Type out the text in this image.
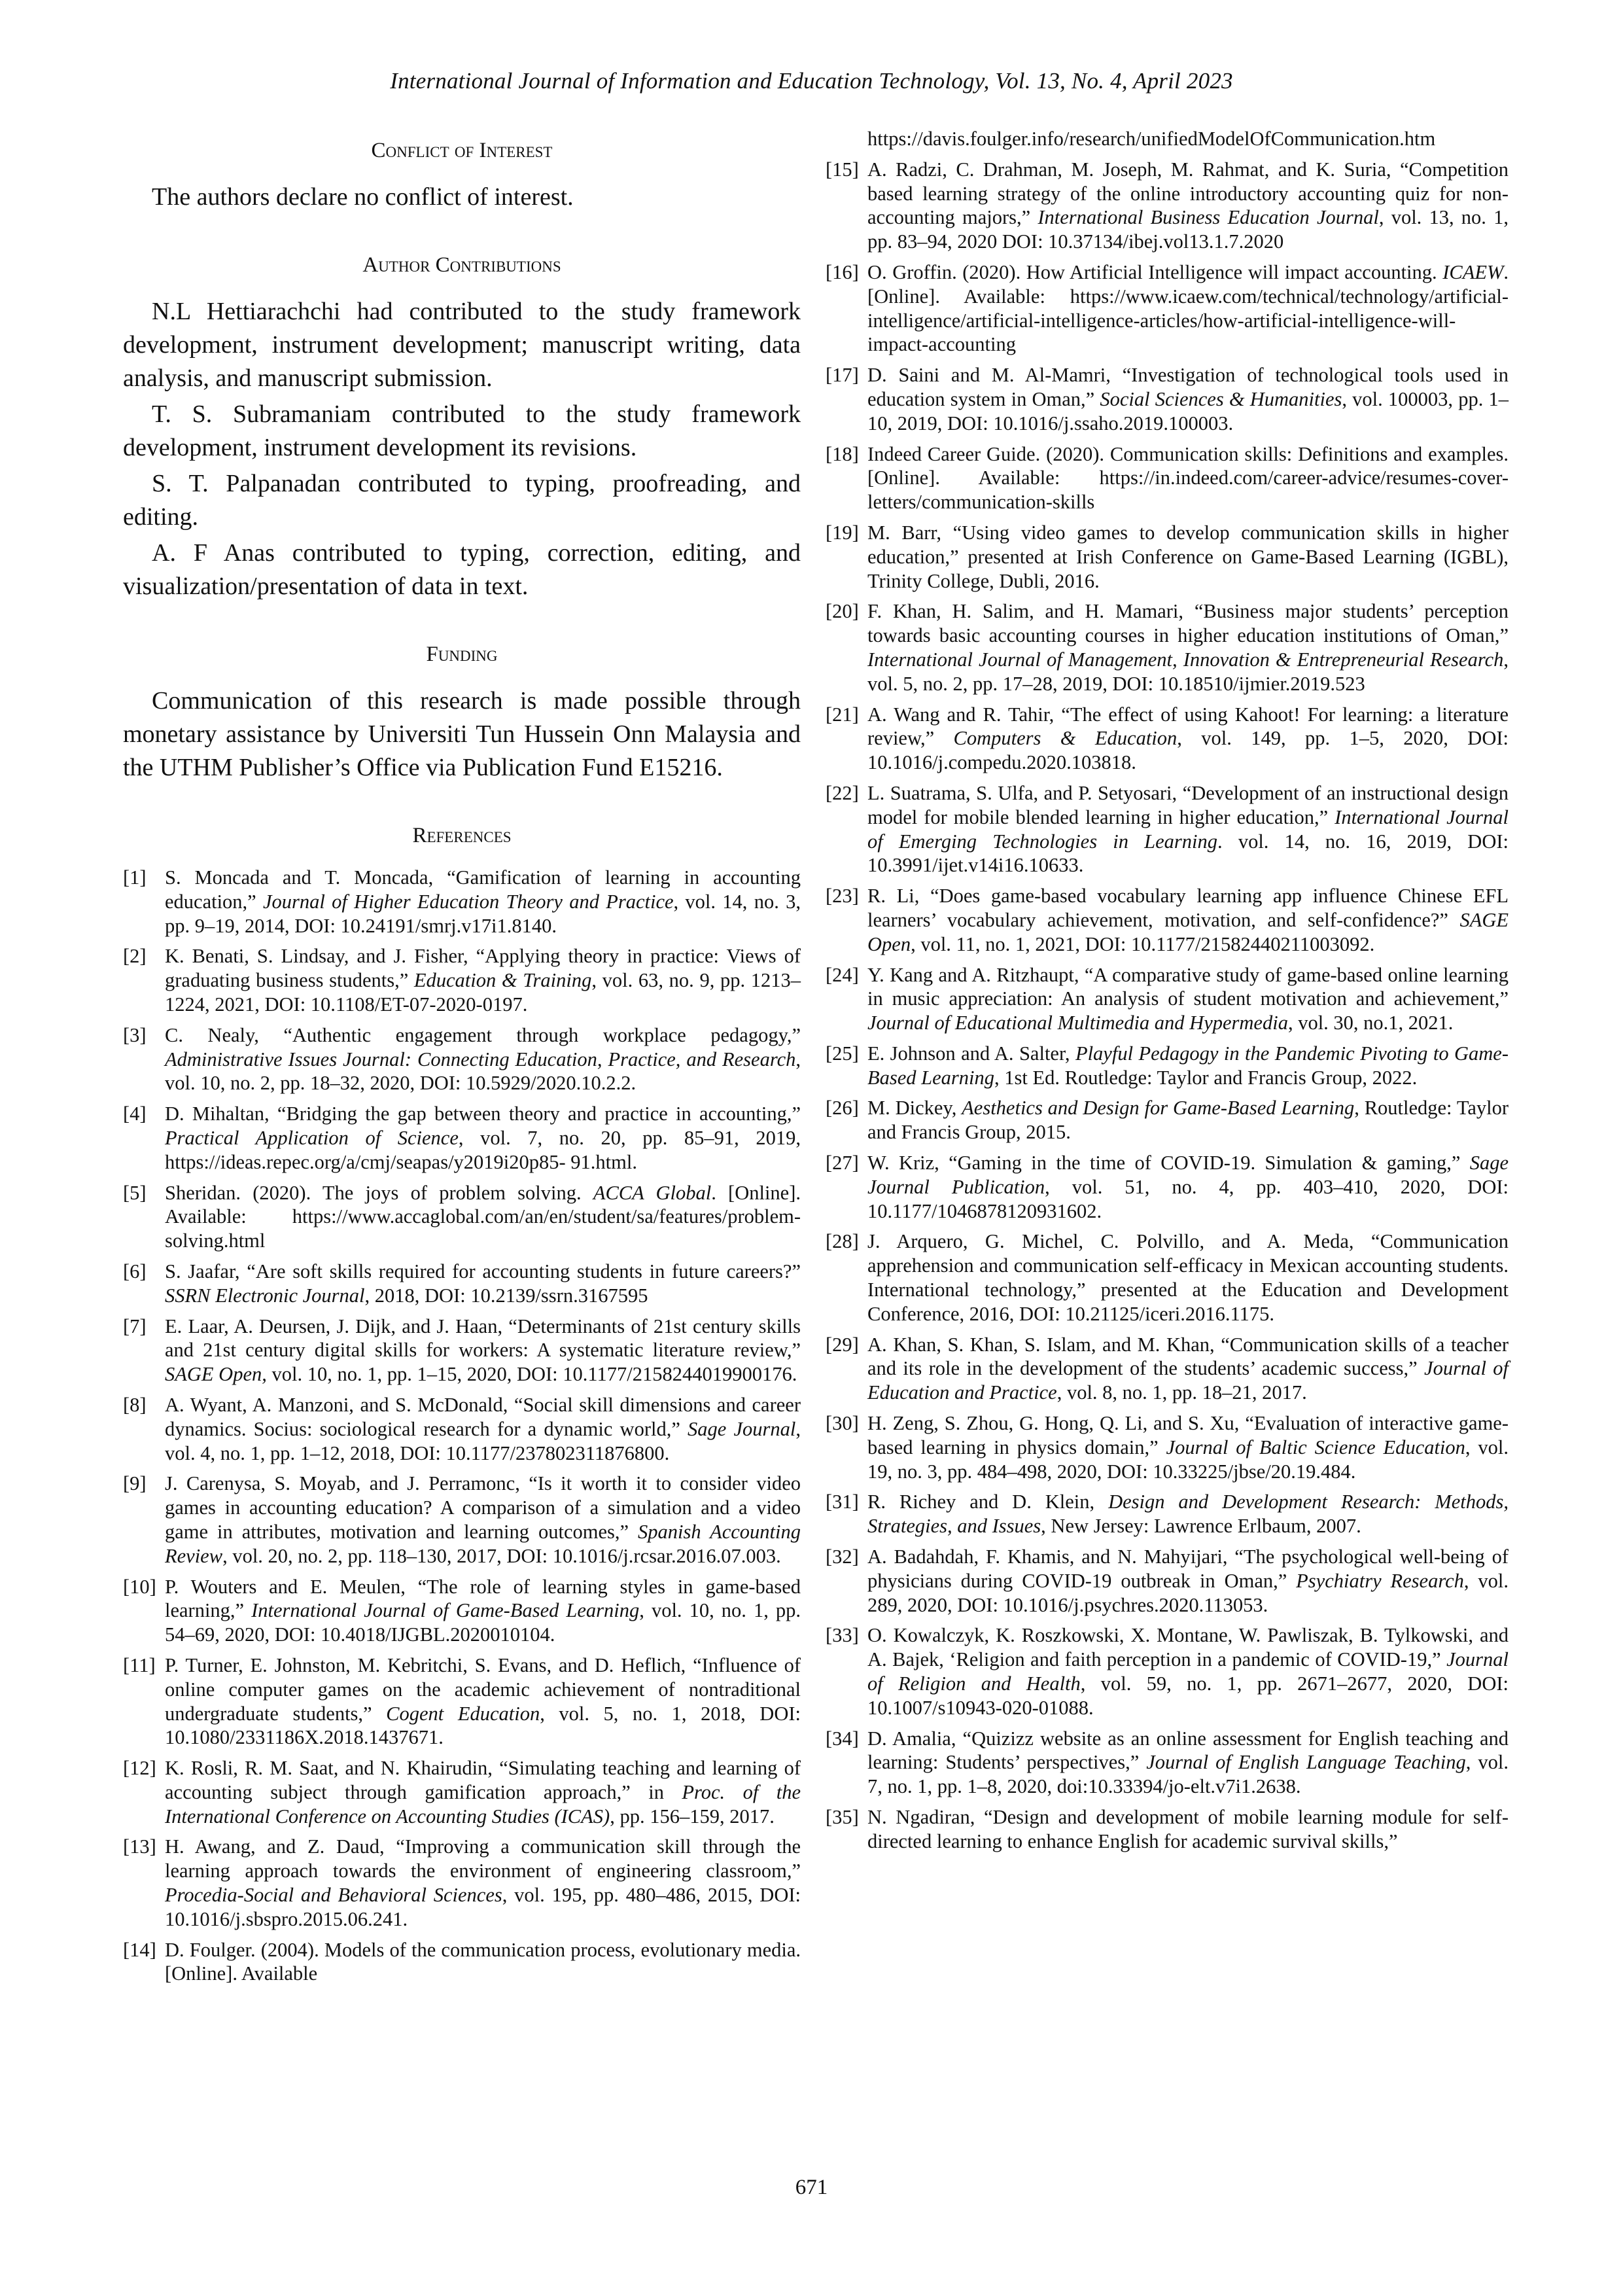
International Journal of Information and Education Technology, Vol. 13, No. 4, April 2023
Conflict of Interest

The authors declare no conflict of interest.

Author Contributions

N.L Hettiarachchi had contributed to the study framework development, instrument development; manuscript writing, data analysis, and manuscript submission.

T. S. Subramaniam contributed to the study framework development, instrument development its revisions.

S. T. Palpanadan contributed to typing, proofreading, and editing.

A. F Anas contributed to typing, correction, editing, and visualization/presentation of data in text.

Funding

Communication of this research is made possible through monetary assistance by Universiti Tun Hussein Onn Malaysia and the UTHM Publisher’s Office via Publication Fund E15216.

References
[1] S. Moncada and T. Moncada, “Gamification of learning in accounting education,” Journal of Higher Education Theory and Practice, vol. 14, no. 3, pp. 9–19, 2014, DOI: 10.24191/smrj.v17i1.8140.
[2] K. Benati, S. Lindsay, and J. Fisher, “Applying theory in practice: Views of graduating business students,” Education & Training, vol. 63, no. 9, pp. 1213–1224, 2021, DOI: 10.1108/ET-07-2020-0197.
[3] C. Nealy, “Authentic engagement through workplace pedagogy,” Administrative Issues Journal: Connecting Education, Practice, and Research, vol. 10, no. 2, pp. 18–32, 2020, DOI: 10.5929/2020.10.2.2.
[4] D. Mihaltan, “Bridging the gap between theory and practice in accounting,” Practical Application of Science, vol. 7, no. 20, pp. 85–91, 2019, https://ideas.repec.org/a/cmj/seapas/y2019i20p85- 91.html.
[5] Sheridan. (2020). The joys of problem solving. ACCA Global. [Online]. Available: https://www.accaglobal.com/an/en/student/sa/features/problem-solving.html
[6] S. Jaafar, “Are soft skills required for accounting students in future careers?” SSRN Electronic Journal, 2018, DOI: 10.2139/ssrn.3167595
[7] E. Laar, A. Deursen, J. Dijk, and J. Haan, “Determinants of 21st century skills and 21st century digital skills for workers: A systematic literature review,” SAGE Open, vol. 10, no. 1, pp. 1–15, 2020, DOI: 10.1177/2158244019900176.
[8] A. Wyant, A. Manzoni, and S. McDonald, “Social skill dimensions and career dynamics. Socius: sociological research for a dynamic world,” Sage Journal, vol. 4, no. 1, pp. 1–12, 2018, DOI: 10.1177/237802311876800.
[9] J. Carenysa, S. Moyab, and J. Perramonc, “Is it worth it to consider video games in accounting education? A comparison of a simulation and a video game in attributes, motivation and learning outcomes,” Spanish Accounting Review, vol. 20, no. 2, pp. 118–130, 2017, DOI: 10.1016/j.rcsar.2016.07.003.
[10] P. Wouters and E. Meulen, “The role of learning styles in game-based learning,” International Journal of Game-Based Learning, vol. 10, no. 1, pp. 54–69, 2020, DOI: 10.4018/IJGBL.2020010104.
[11] P. Turner, E. Johnston, M. Kebritchi, S. Evans, and D. Heflich, “Influence of online computer games on the academic achievement of nontraditional undergraduate students,” Cogent Education, vol. 5, no. 1, 2018, DOI: 10.1080/2331186X.2018.1437671.
[12] K. Rosli, R. M. Saat, and N. Khairudin, “Simulating teaching and learning of accounting subject through gamification approach,” in Proc. of the International Conference on Accounting Studies (ICAS), pp. 156–159, 2017.
[13] H. Awang, and Z. Daud, “Improving a communication skill through the learning approach towards the environment of engineering classroom,” Procedia-Social and Behavioral Sciences, vol. 195, pp. 480–486, 2015, DOI: 10.1016/j.sbspro.2015.06.241.
[14] D. Foulger. (2004). Models of the communication process, evolutionary media. [Online]. Available
https://davis.foulger.info/research/unifiedModelOfCommunication.htm
[15] A. Radzi, C. Drahman, M. Joseph, M. Rahmat, and K. Suria, “Competition based learning strategy of the online introductory accounting quiz for non-accounting majors,” International Business Education Journal, vol. 13, no. 1, pp. 83–94, 2020 DOI: 10.37134/ibej.vol13.1.7.2020
[16] O. Groffin. (2020). How Artificial Intelligence will impact accounting. ICAEW. [Online]. Available: https://www.icaew.com/technical/technology/artificial-intelligence/artificial-intelligence-articles/how-artificial-intelligence-will-impact-accounting
[17] D. Saini and M. Al-Mamri, “Investigation of technological tools used in education system in Oman,” Social Sciences & Humanities, vol. 100003, pp. 1–10, 2019, DOI: 10.1016/j.ssaho.2019.100003.
[18] Indeed Career Guide. (2020). Communication skills: Definitions and examples. [Online]. Available: https://in.indeed.com/career-advice/resumes-cover-letters/communication-skills
[19] M. Barr, “Using video games to develop communication skills in higher education,” presented at Irish Conference on Game-Based Learning (IGBL), Trinity College, Dubli, 2016.
[20] F. Khan, H. Salim, and H. Mamari, “Business major students’ perception towards basic accounting courses in higher education institutions of Oman,” International Journal of Management, Innovation & Entrepreneurial Research, vol. 5, no. 2, pp. 17–28, 2019, DOI: 10.18510/ijmier.2019.523
[21] A. Wang and R. Tahir, “The effect of using Kahoot! For learning: a literature review,” Computers & Education, vol. 149, pp. 1–5, 2020, DOI: 10.1016/j.compedu.2020.103818.
[22] L. Suatrama, S. Ulfa, and P. Setyosari, “Development of an instructional design model for mobile blended learning in higher education,” International Journal of Emerging Technologies in Learning. vol. 14, no. 16, 2019, DOI: 10.3991/ijet.v14i16.10633.
[23] R. Li, “Does game-based vocabulary learning app influence Chinese EFL learners’ vocabulary achievement, motivation, and self-confidence?” SAGE Open, vol. 11, no. 1, 2021, DOI: 10.1177/21582440211003092.
[24] Y. Kang and A. Ritzhaupt, “A comparative study of game-based online learning in music appreciation: An analysis of student motivation and achievement,” Journal of Educational Multimedia and Hypermedia, vol. 30, no.1, 2021.
[25] E. Johnson and A. Salter, Playful Pedagogy in the Pandemic Pivoting to Game-Based Learning, 1st Ed. Routledge: Taylor and Francis Group, 2022.
[26] M. Dickey, Aesthetics and Design for Game-Based Learning, Routledge: Taylor and Francis Group, 2015.
[27] W. Kriz, “Gaming in the time of COVID-19. Simulation & gaming,” Sage Journal Publication, vol. 51, no. 4, pp. 403–410, 2020, DOI: 10.1177/1046878120931602.
[28] J. Arquero, G. Michel, C. Polvillo, and A. Meda, “Communication apprehension and communication self-efficacy in Mexican accounting students. International technology,” presented at the Education and Development Conference, 2016, DOI: 10.21125/iceri.2016.1175.
[29] A. Khan, S. Khan, S. Islam, and M. Khan, “Communication skills of a teacher and its role in the development of the students’ academic success,” Journal of Education and Practice, vol. 8, no. 1, pp. 18–21, 2017.
[30] H. Zeng, S. Zhou, G. Hong, Q. Li, and S. Xu, “Evaluation of interactive game-based learning in physics domain,” Journal of Baltic Science Education, vol. 19, no. 3, pp. 484–498, 2020, DOI: 10.33225/jbse/20.19.484.
[31] R. Richey and D. Klein, Design and Development Research: Methods, Strategies, and Issues, New Jersey: Lawrence Erlbaum, 2007.
[32] A. Badahdah, F. Khamis, and N. Mahyijari, “The psychological well-being of physicians during COVID-19 outbreak in Oman,” Psychiatry Research, vol. 289, 2020, DOI: 10.1016/j.psychres.2020.113053.
[33] O. Kowalczyk, K. Roszkowski, X. Montane, W. Pawliszak, B. Tylkowski, and A. Bajek, ‘Religion and faith perception in a pandemic of COVID-19,” Journal of Religion and Health, vol. 59, no. 1, pp. 2671–2677, 2020, DOI: 10.1007/s10943-020-01088.
[34] D. Amalia, “Quizizz website as an online assessment for English teaching and learning: Students’ perspectives,” Journal of English Language Teaching, vol. 7, no. 1, pp. 1–8, 2020, doi:10.33394/jo-elt.v7i1.2638.
[35] N. Ngadiran, “Design and development of mobile learning module for self-directed learning to enhance English for academic survival skills,”
671
